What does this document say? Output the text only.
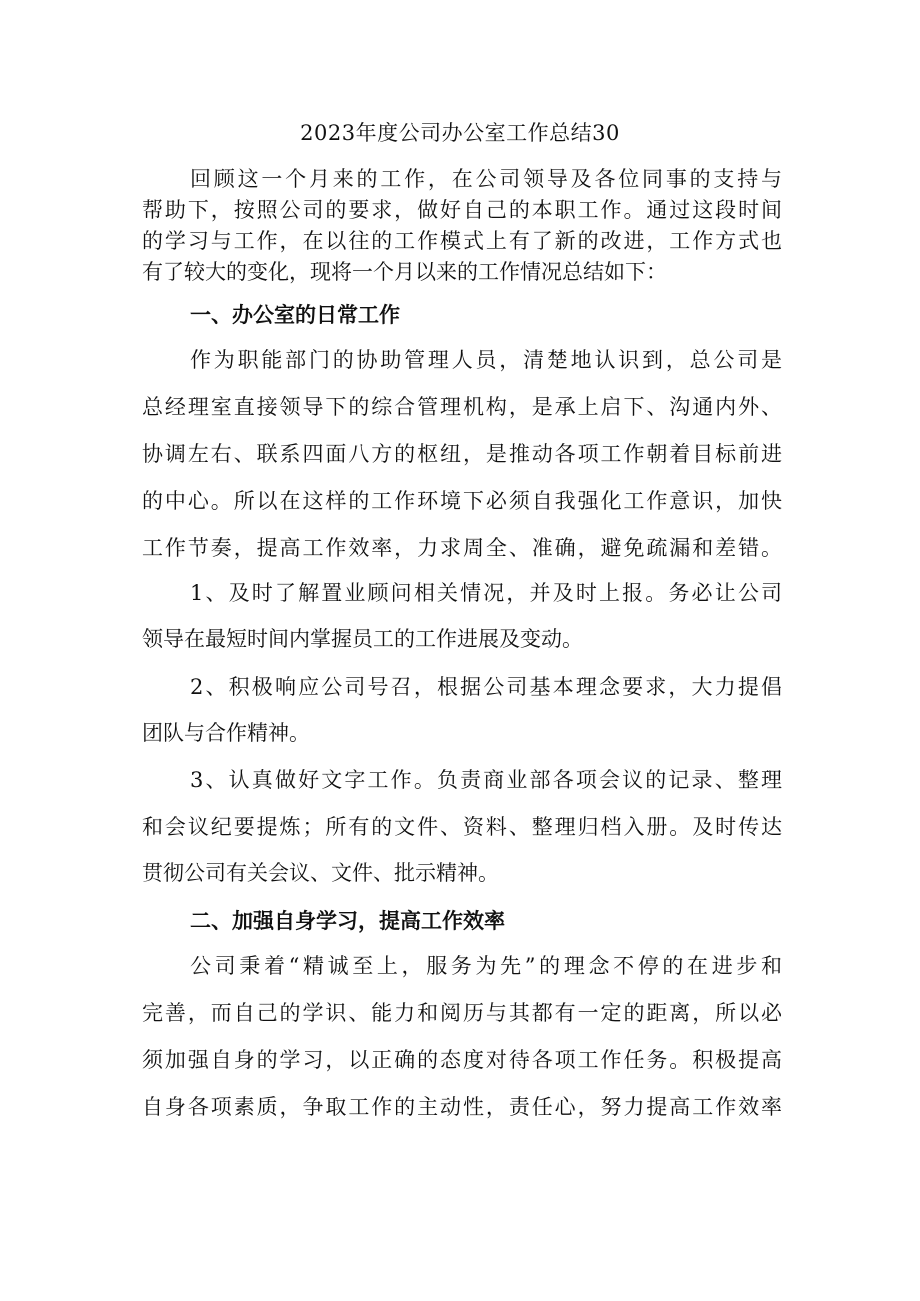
2023年度公司办公室工作总结30
回顾这一个月来的工作，在公司领导及各位同事的支持与
帮助下，按照公司的要求，做好自己的本职工作。通过这段时间
的学习与工作，在以往的工作模式上有了新的改进，工作方式也
有了较大的变化，现将一个月以来的工作情况总结如下：
一、办公室的日常工作
作为职能部门的协助管理人员，清楚地认识到，总公司是
总经理室直接领导下的综合管理机构，是承上启下、沟通内外、
协调左右、联系四面八方的枢纽，是推动各项工作朝着目标前进
的中心。所以在这样的工作环境下必须自我强化工作意识，加快
工作节奏，提高工作效率，力求周全、准确，避免疏漏和差错。
1、及时了解置业顾问相关情况，并及时上报。务必让公司
领导在最短时间内掌握员工的工作进展及变动。
2、积极响应公司号召，根据公司基本理念要求，大力提倡
团队与合作精神。
3、认真做好文字工作。负责商业部各项会议的记录、整理
和会议纪要提炼；所有的文件、资料、整理归档入册。及时传达
贯彻公司有关会议、文件、批示精神。
二、加强自身学习，提高工作效率
公司秉着“精诚至上，服务为先”的理念不停的在进步和
完善，而自己的学识、能力和阅历与其都有一定的距离，所以必
须加强自身的学习，以正确的态度对待各项工作任务。积极提高
自身各项素质，争取工作的主动性，责任心，努力提高工作效率
